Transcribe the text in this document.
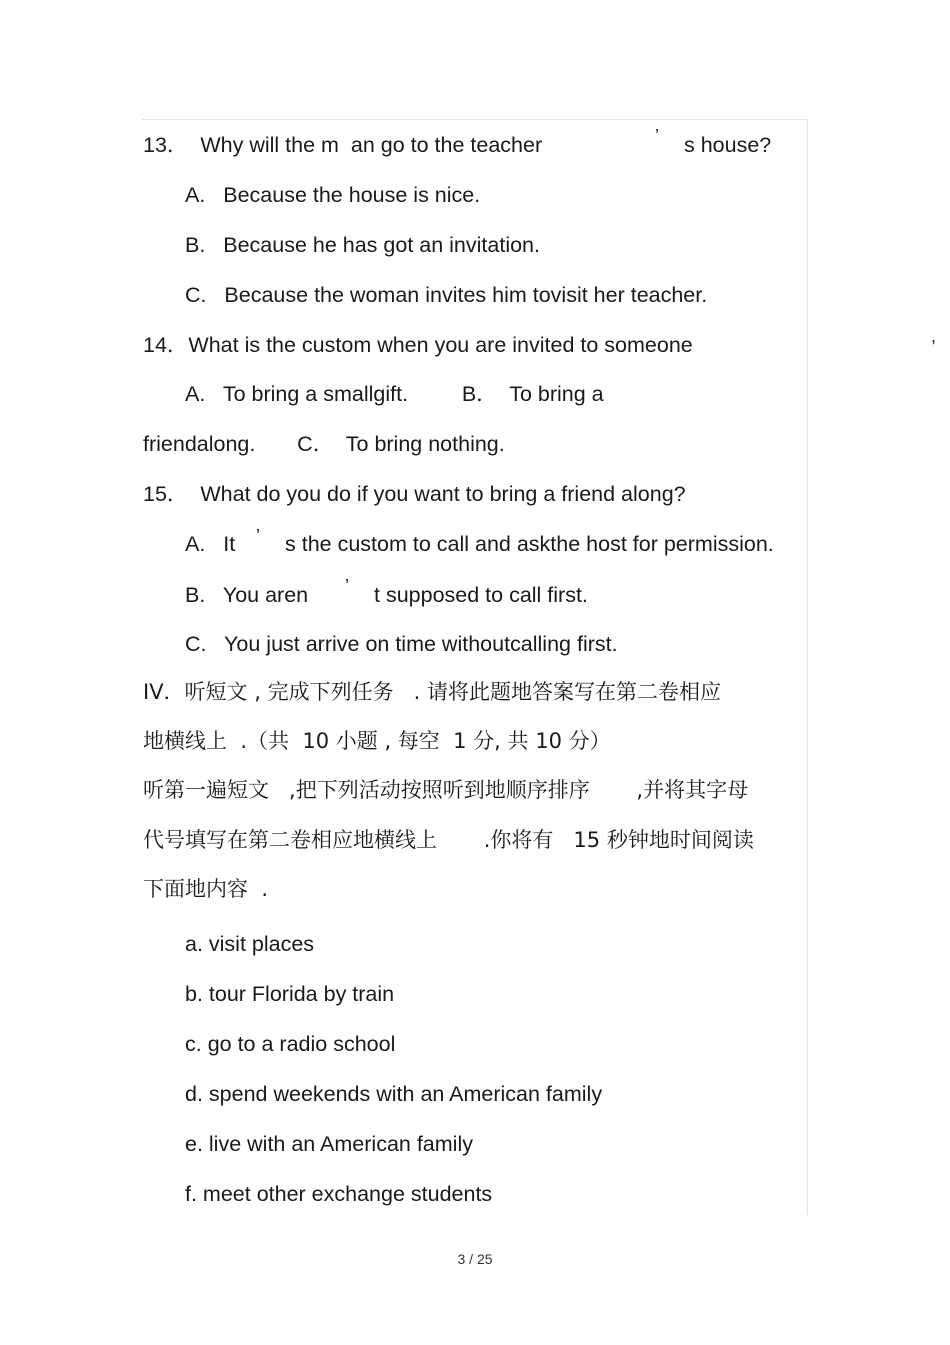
13．  Why will the m  an go to the teacher	’ s house?
A.   Because the house is nice.
B.   Because he has got an invitation.
C.   Because the woman invites him tovisit her teacher.
14．What is the custom when you are invited to someone	,
A.   To bring a smallgift.         B．  To bring a
friendalong.       C．  To bring nothing.
15．  What do you do if you want to bring a friend along?
A.   It ’ s the custom to call and askthe host for permission.
B.   You aren ’ t supposed to call first.
C.   You just arrive on time withoutcalling first.
IV．听短文 , 完成下列任务   . 请将此题地答案写在第二卷相应
地横线上  .（共  10 小题 , 每空  1 分, 共 10 分）
听第一遍短文   ,把下列活动按照听到地顺序排序       ,并将其字母
代号填写在第二卷相应地横线上       .你将有   15 秒钟地时间阅读
下面地内容  .
a. visit places
b. tour Florida by train
c. go to a radio school
d. spend weekends with an American family
e. live with an American family
f. meet other exchange students
3 / 25
